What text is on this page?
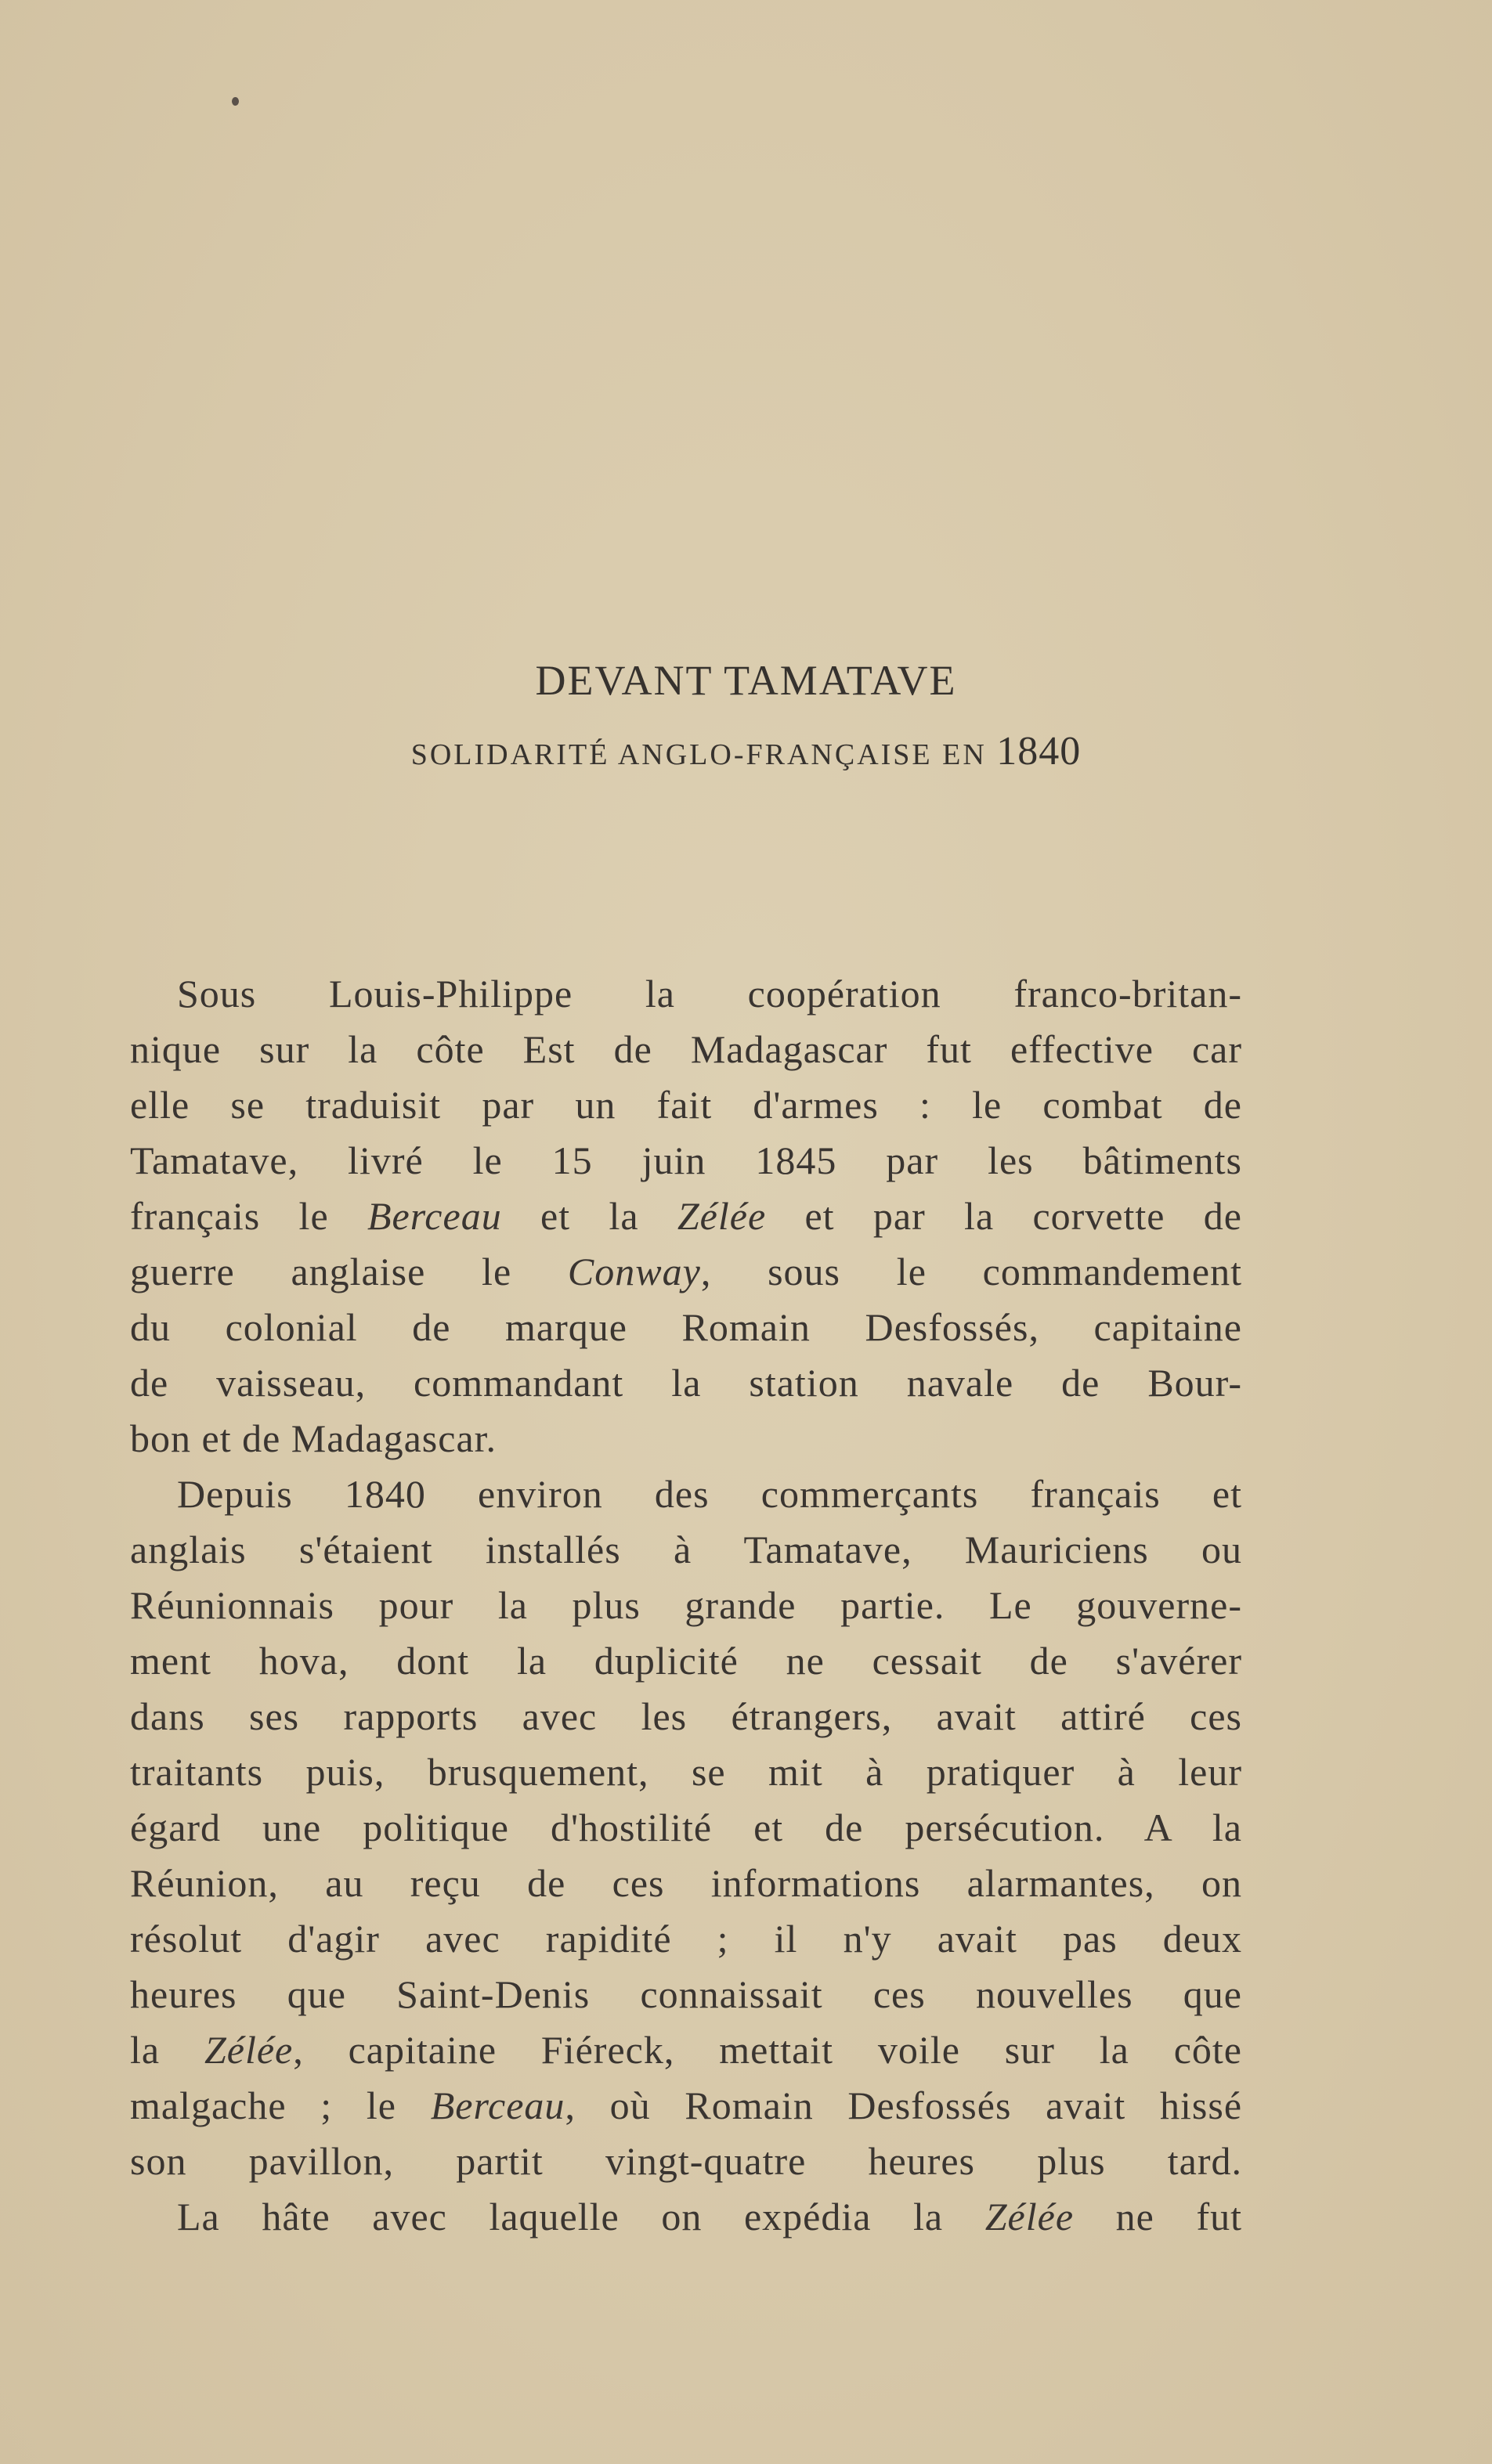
DEVANT TAMATAVE
SOLIDARITÉ ANGLO-FRANÇAISE EN 1840

Sous Louis-Philippe la coopération franco-britan-

nique sur la côte Est de Madagascar fut effective car

elle se traduisit par un fait d'armes : le combat de

Tamatave, livré le 15 juin 1845 par les bâtiments

français le Berceau et la Zélée et par la corvette de

guerre anglaise le Conway, sous le commandement

du colonial de marque Romain Desfossés, capitaine

de vaisseau, commandant la station navale de Bour-

bon et de Madagascar.

Depuis 1840 environ des commerçants français et

anglais s'étaient installés à Tamatave, Mauriciens ou

Réunionnais pour la plus grande partie. Le gouverne-

ment hova, dont la duplicité ne cessait de s'avérer

dans ses rapports avec les étrangers, avait attiré ces

traitants puis, brusquement, se mit à pratiquer à leur

égard une politique d'hostilité et de persécution. A la

Réunion, au reçu de ces informations alarmantes, on

résolut d'agir avec rapidité ; il n'y avait pas deux

heures que Saint-Denis connaissait ces nouvelles que

la Zélée, capitaine Fiéreck, mettait voile sur la côte

malgache ; le Berceau, où Romain Desfossés avait hissé

son pavillon, partit vingt-quatre heures plus tard.

La hâte avec laquelle on expédia la Zélée ne fut
